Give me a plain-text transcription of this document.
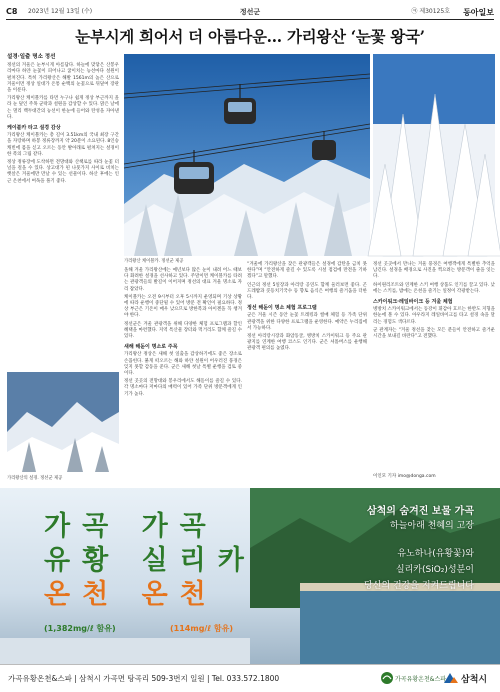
C8 2023년 12월 13일 (수)	정선군	㉪ 제30125호 동아일보
눈부시게 희어서 더 아름다운… 가리왕산 ‘눈꽃 왕국’

설경·일출 명소 정선

정선의 겨울은 눈부시게 아름답다. 하늘에 맞닿은 산봉우리마다 하얀 눈꽃이 피어나고 굽이치는 능선마다 설원이 펼쳐진다. 특히 가리왕산은 해발 1561m의 높은 산으로 겨울이면 정상 일대가 온통 순백의 눈꽃으로 뒤덮여 장관을 이룬다.

가리왕산 케이블카를 타면 누구나 쉽게 정상 부근까지 올라 눈 덮인 주목 군락과 설원을 감상할 수 있다. 맑은 날에는 멀리 백두대간의 능선이 한눈에 들어와 탄성을 자아낸다.

케이블카 타고 설경 감상

가리왕산 케이블카는 총 길이 3.51km의 국내 최장 구간을 자랑하며 하봉 정류장까지 약 20분이 소요된다. 8인승 캐빈에 몸을 싣고 오르는 동안 발아래로 펼쳐지는 설경이 한 폭의 그림 같다.

정상 정류장에 도착하면 전망대와 산책로를 따라 눈꽃 터널을 걸을 수 있다. 상고대가 핀 나뭇가지 사이로 비치는 햇살은 겨울에만 만날 수 있는 선물이다. 하산 후에는 인근 온천에서 여독을 풀기 좋다.

가리왕산 케이블카. 정선군 제공

올해 겨울 가리왕산에는 예년보다 많은 눈이 내려 어느 때보다 화려한 설경을 선사하고 있다. 주말이면 케이블카를 타려는 관광객들의 발길이 이어지며 정선의 대표 겨울 명소로 자리 잡았다.

케이블카는 오전 9시부터 오후 5시까지 운영되며 기상 상황에 따라 운행이 중단될 수 있어 방문 전 확인이 필요하다. 정상 부근은 기온이 매우 낮으므로 방한복과 아이젠을 꼭 챙겨야 한다.

정선군은 겨울 관광객을 위해 다양한 체험 프로그램과 할인 혜택을 마련했다. 지역 특산물 장터와 먹거리도 함께 즐길 수 있다.

새해 해돋이 명소로 주목

가리왕산 정상은 새해 첫 일출을 감상하기에도 좋은 장소로 손꼽힌다. 붉게 떠오르는 해와 하얀 설원이 어우러진 풍경은 잊지 못할 감동을 준다. 군은 새해 첫날 특별 운행을 검토 중이다.

정선 곳곳의 전망대와 봉우리에서도 해돋이를 즐길 수 있다. 각 명소마다 저마다의 매력이 있어 가족 단위 방문객에게 인기가 높다.

“겨울에 가리왕산을 찾은 관광객들은 설경에 감탄을 금치 못한다”며 “안전하게 즐길 수 있도록 시설 점검에 만전을 기하겠다”고 말했다.

인근의 정선 5일장과 아리랑 공연도 함께 둘러보면 좋다. 곤드레밥과 콧등치기국수 등 향토 음식은 여행의 즐거움을 더한다.

정선 해돋이 명소 체험 프로그램

군은 겨울 시즌 동안 눈꽃 트레킹과 썰매 체험 등 가족 단위 관광객을 위한 다양한 프로그램을 운영한다. 예약은 누리집에서 가능하다.

정선 아리랑시장과 화암동굴, 병방치 스카이워크 등 주요 관광지를 연계한 여행 코스도 인기다. 군은 셔틀버스를 운행해 관광객 편의를 높였다.

정선 곳곳에서 만나는 겨울 풍경은 여행객에게 특별한 추억을 남긴다. 설경을 배경으로 사진을 찍으려는 방문객이 줄을 잇는다.

하이원리조트와 연계한 스키 여행 상품도 인기를 끌고 있다. 낮에는 스키를, 밤에는 온천을 즐기는 일정이 각광받는다.

스카이워크·레일바이크 등 겨울 체험

병방치 스카이워크에서는 동강이 휘감아 흐르는 한반도 지형을 한눈에 볼 수 있다. 아우라지 레일바이크를 타고 설경 속을 달리는 경험도 색다르다.

군 관계자는 “겨울 정선을 찾는 모든 분들이 안전하고 즐거운 시간을 보내길 바란다”고 전했다.

이인모 기자 imo@donga.com
가리왕산의 설경. 정선군 제공
가곡 가곡
유황 실리카
온천 온천
(1,382mg/ℓ 함유)	(114mg/ℓ 함유)
삼척의 숨겨진 보물 가곡
하늘아래 천혜의 고장
유노하나(유황꽃)와
실리카(SiO₂)성분이
당신의 건강을 지켜드립니다
가곡유황온천&스파 | 삼척시 가곡면 탕곡리 509-3번지 일원 | Tel. 033.572.1800	가곡유황온천&스파 삼척시
